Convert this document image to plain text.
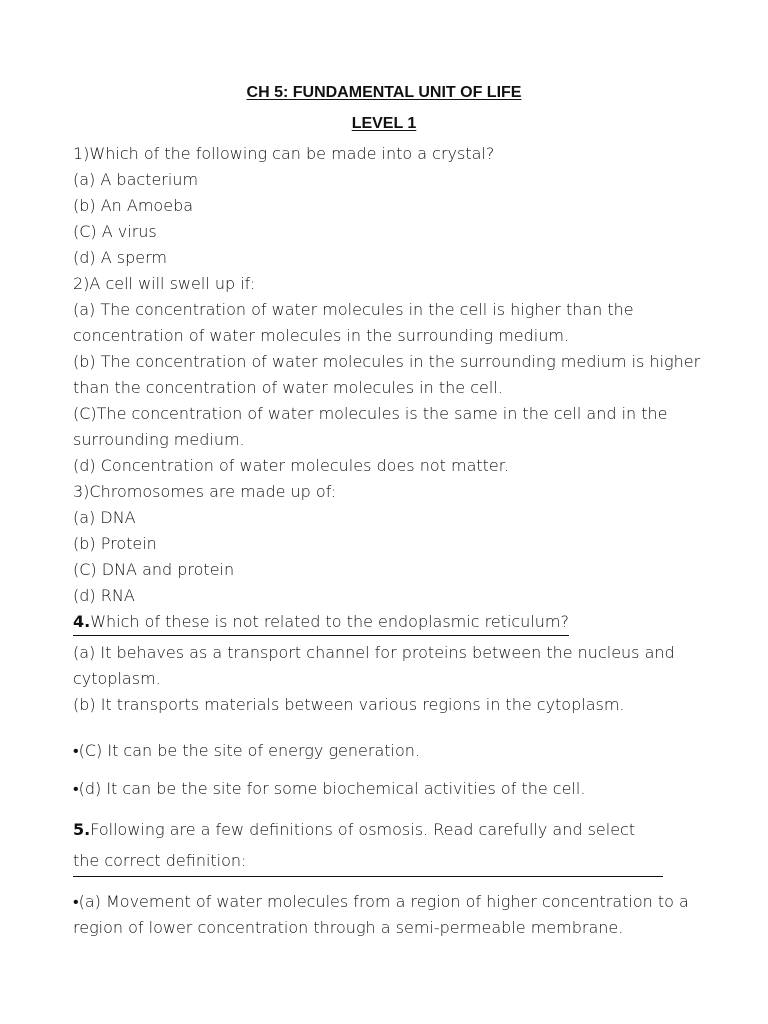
CH 5: FUNDAMENTAL UNIT OF LIFE
LEVEL 1

1)Which of the following can be made into a crystal?

(a) A bacterium

(b) An Amoeba

(C) A virus

(d) A sperm

2)A cell will swell up if:

(a) The concentration of water molecules in the cell is higher than the concentration of water molecules in the surrounding medium.

(b) The concentration of water molecules in the surrounding medium is higher than the concentration of water molecules in the cell.

(C)The concentration of water molecules is the same in the cell and in the surrounding medium.

(d) Concentration of water molecules does not matter.

3)Chromosomes are made up of:

(a) DNA

(b) Protein

(C) DNA and protein

(d) RNA

4.Which of these is not related to the endoplasmic reticulum?

(a) It behaves as a transport channel for proteins between the nucleus and cytoplasm.

(b) It transports materials between various regions in the cytoplasm.

•(C) It can be the site of energy generation.

•(d) It can be the site for some biochemical activities of the cell.

5.Following are a few definitions of osmosis. Read carefully and select the correct definition:

•(a) Movement of water molecules from a region of higher concentration to a region of lower concentration through a semi-permeable membrane.
